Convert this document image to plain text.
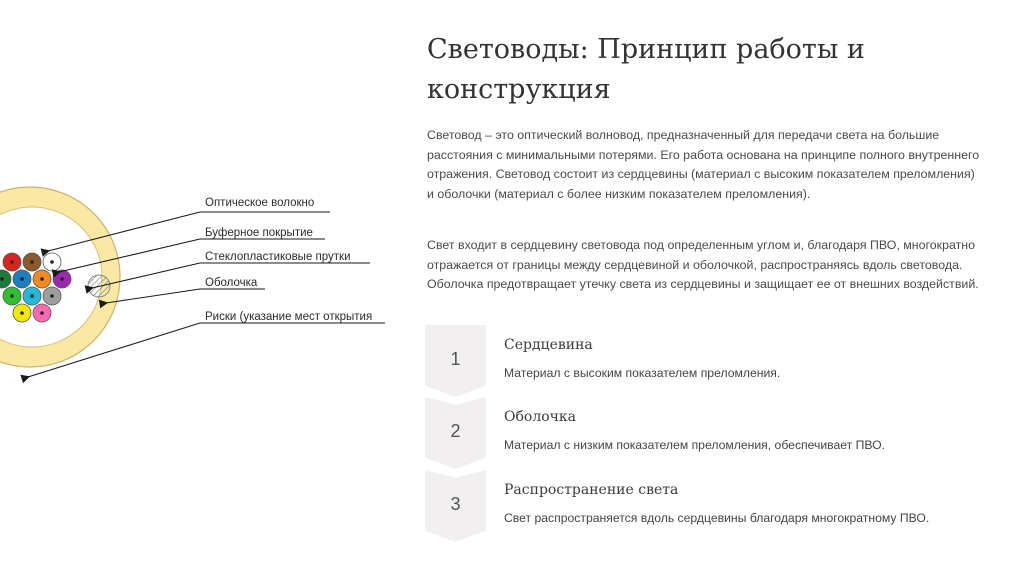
Оптическое волокно
Буферное покрытие
Стеклопластиковые прутки
Оболочка
Риски (указание мест открытия
Световоды: Принцип работы и конструкция

Световод – это оптический волновод, предназначенный для передачи света на большие расстояния с минимальными потерями. Его работа основана на принципе полного внутреннего отражения. Световод состоит из сердцевины (материал с высоким показателем преломления) и оболочки (материал с более низким показателем преломления).

Свет входит в сердцевину световода под определенным углом и, благодаря ПВО, многократно отражается от границы между сердцевиной и оболочкой, распространяясь вдоль световода. Оболочка предотвращает утечку света из сердцевины и защищает ее от внешних воздействий.

1
Сердцевина
Материал с высоким показателем преломления.
2
Оболочка
Материал с низким показателем преломления, обеспечивает ПВО.
3
Распространение света
Свет распространяется вдоль сердцевины благодаря многократному ПВО.
